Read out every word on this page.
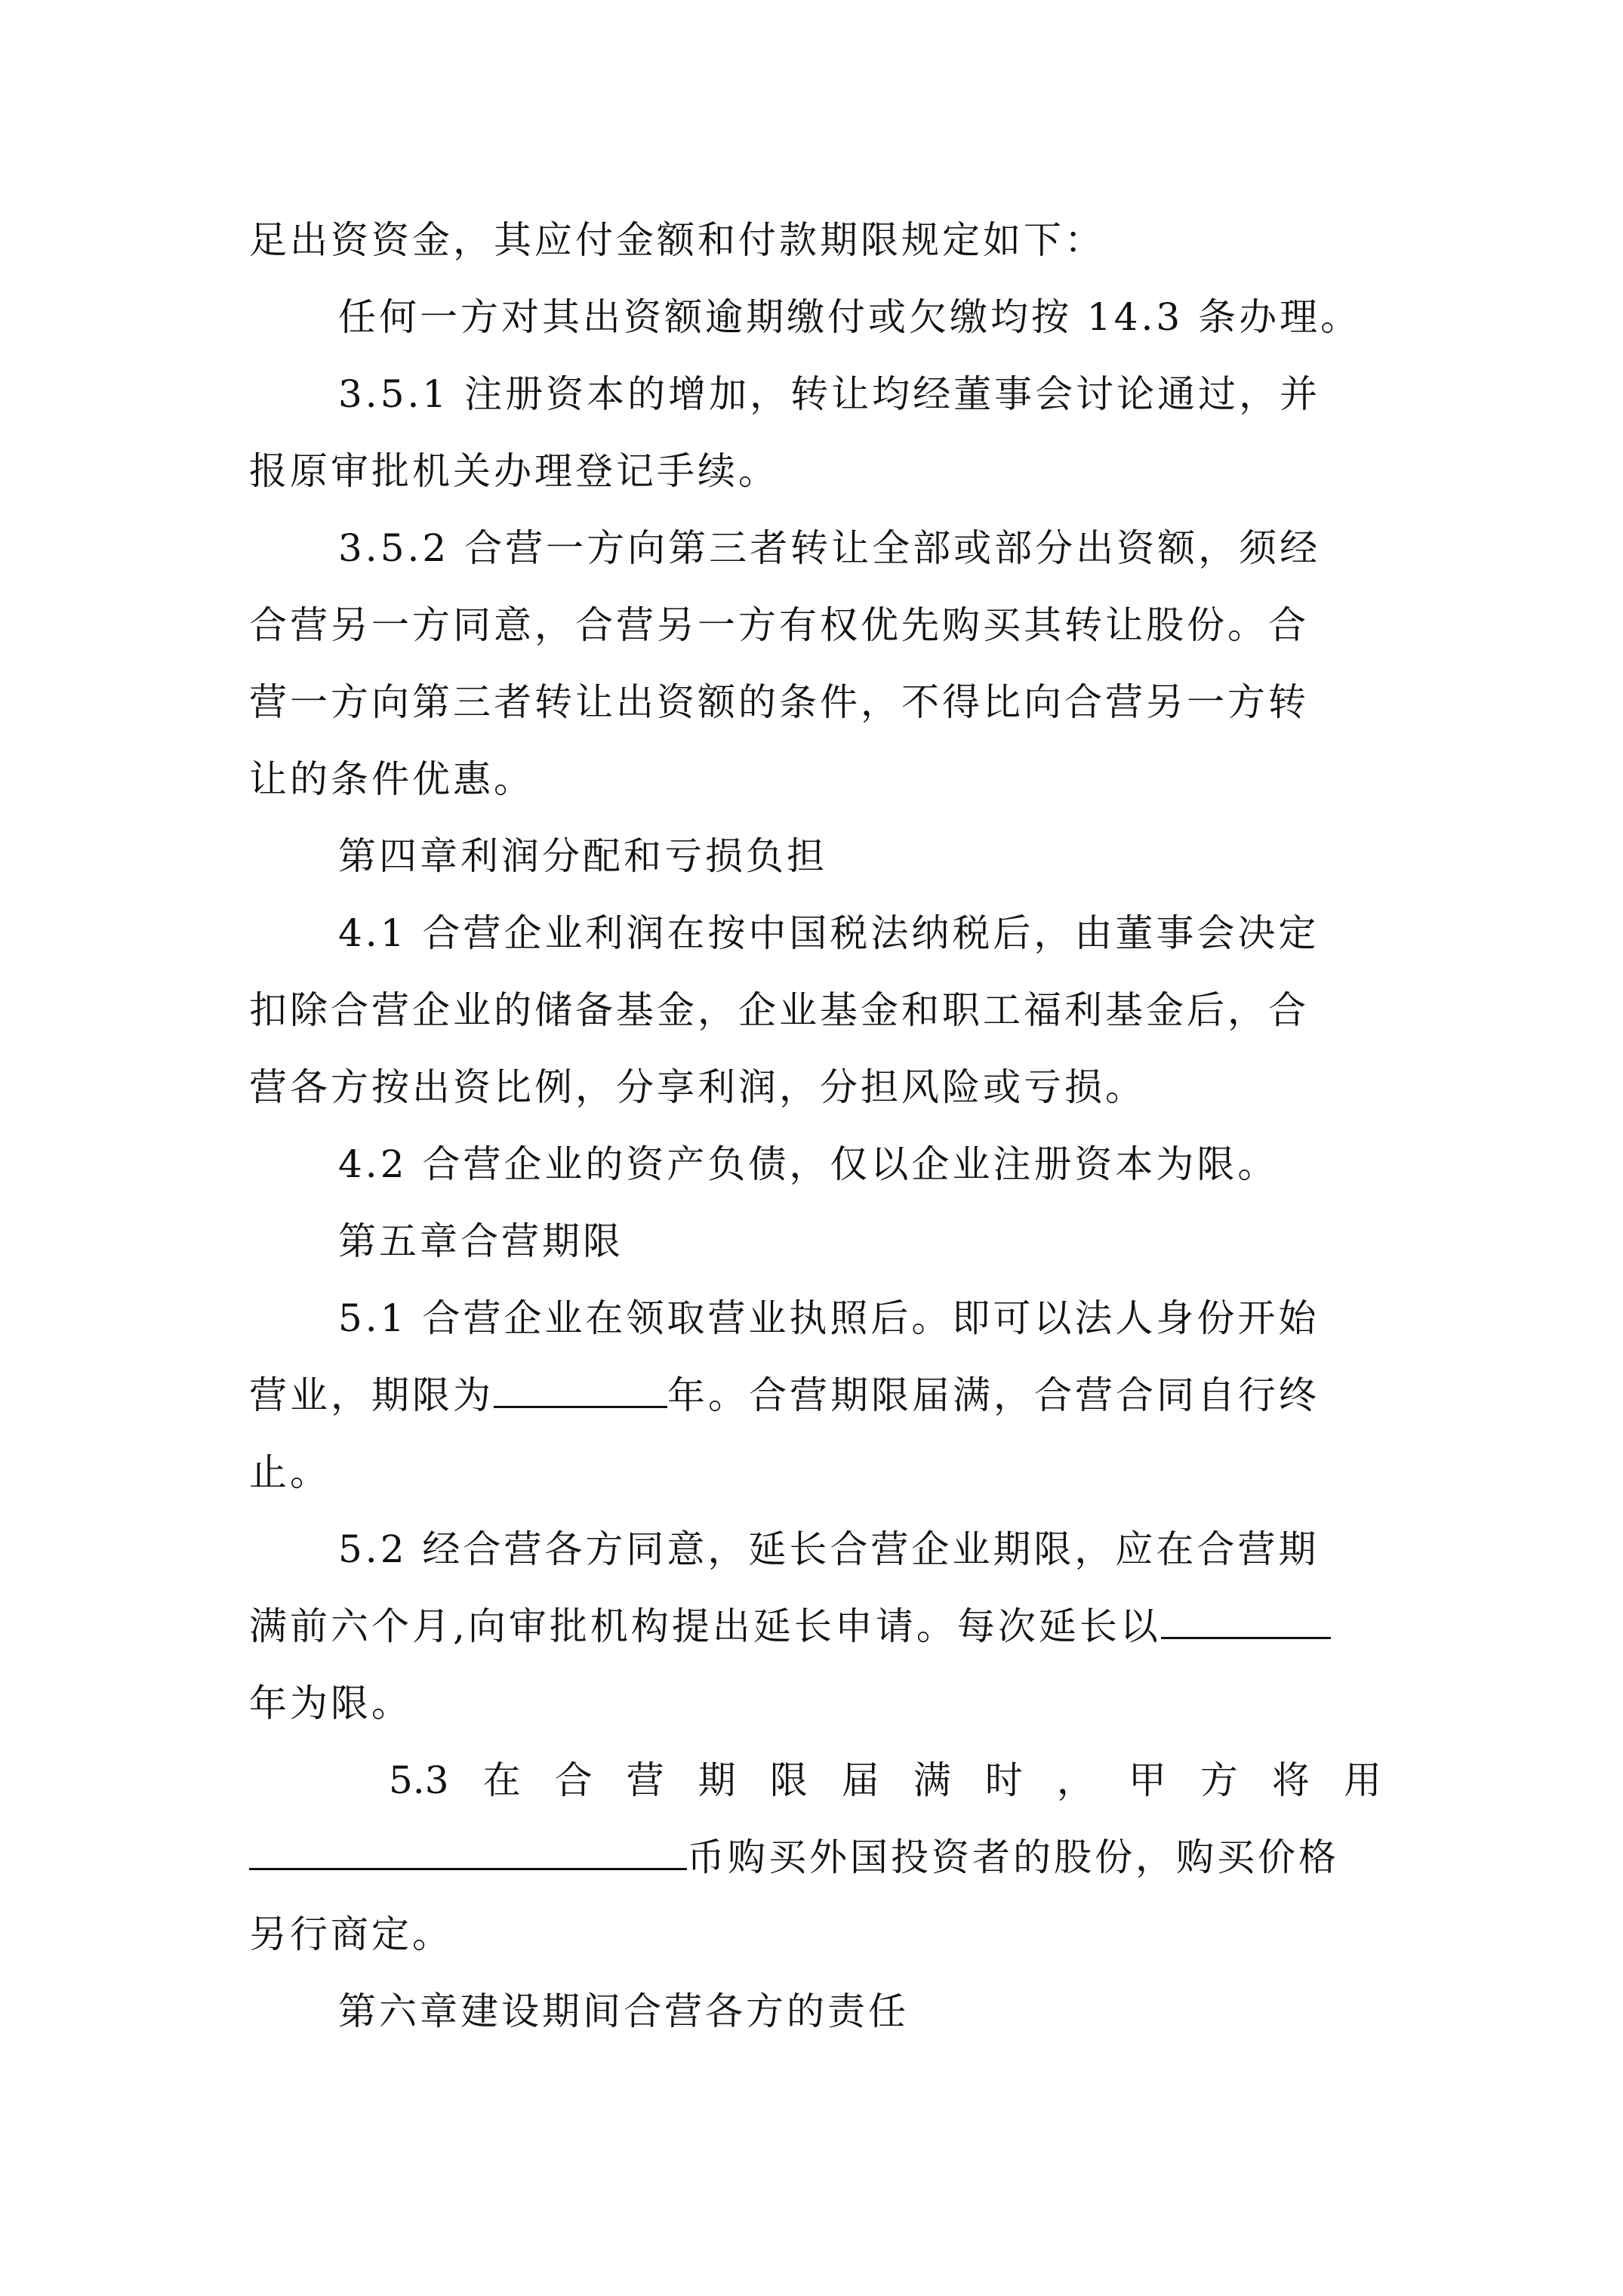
足出资资金，其应付金额和付款期限规定如下：
任何一方对其出资额逾期缴付或欠缴均按 14.3 条办理。
3.5.1 注册资本的增加，转让均经董事会讨论通过，并
报原审批机关办理登记手续。
3.5.2 合营一方向第三者转让全部或部分出资额，须经
合营另一方同意，合营另一方有权优先购买其转让股份。合
营一方向第三者转让出资额的条件，不得比向合营另一方转
让的条件优惠。
第四章利润分配和亏损负担
4.1 合营企业利润在按中国税法纳税后，由董事会决定
扣除合营企业的储备基金，企业基金和职工福利基金后，合
营各方按出资比例，分享利润，分担风险或亏损。
4.2 合营企业的资产负债，仅以企业注册资本为限。
第五章合营期限
5.1 合营企业在领取营业执照后。即可以法人身份开始
营业，期限为	年。合营期限届满，合营合同自行终
止。
5.2 经合营各方同意，延长合营企业期限，应在合营期
满前六个月,向审批机构提出延长申请。每次延长以
年为限。
5.3 在 合 营 期 限 届 满 时 ， 甲 方 将 用
币购买外国投资者的股份，购买价格
另行商定。
第六章建设期间合营各方的责任
